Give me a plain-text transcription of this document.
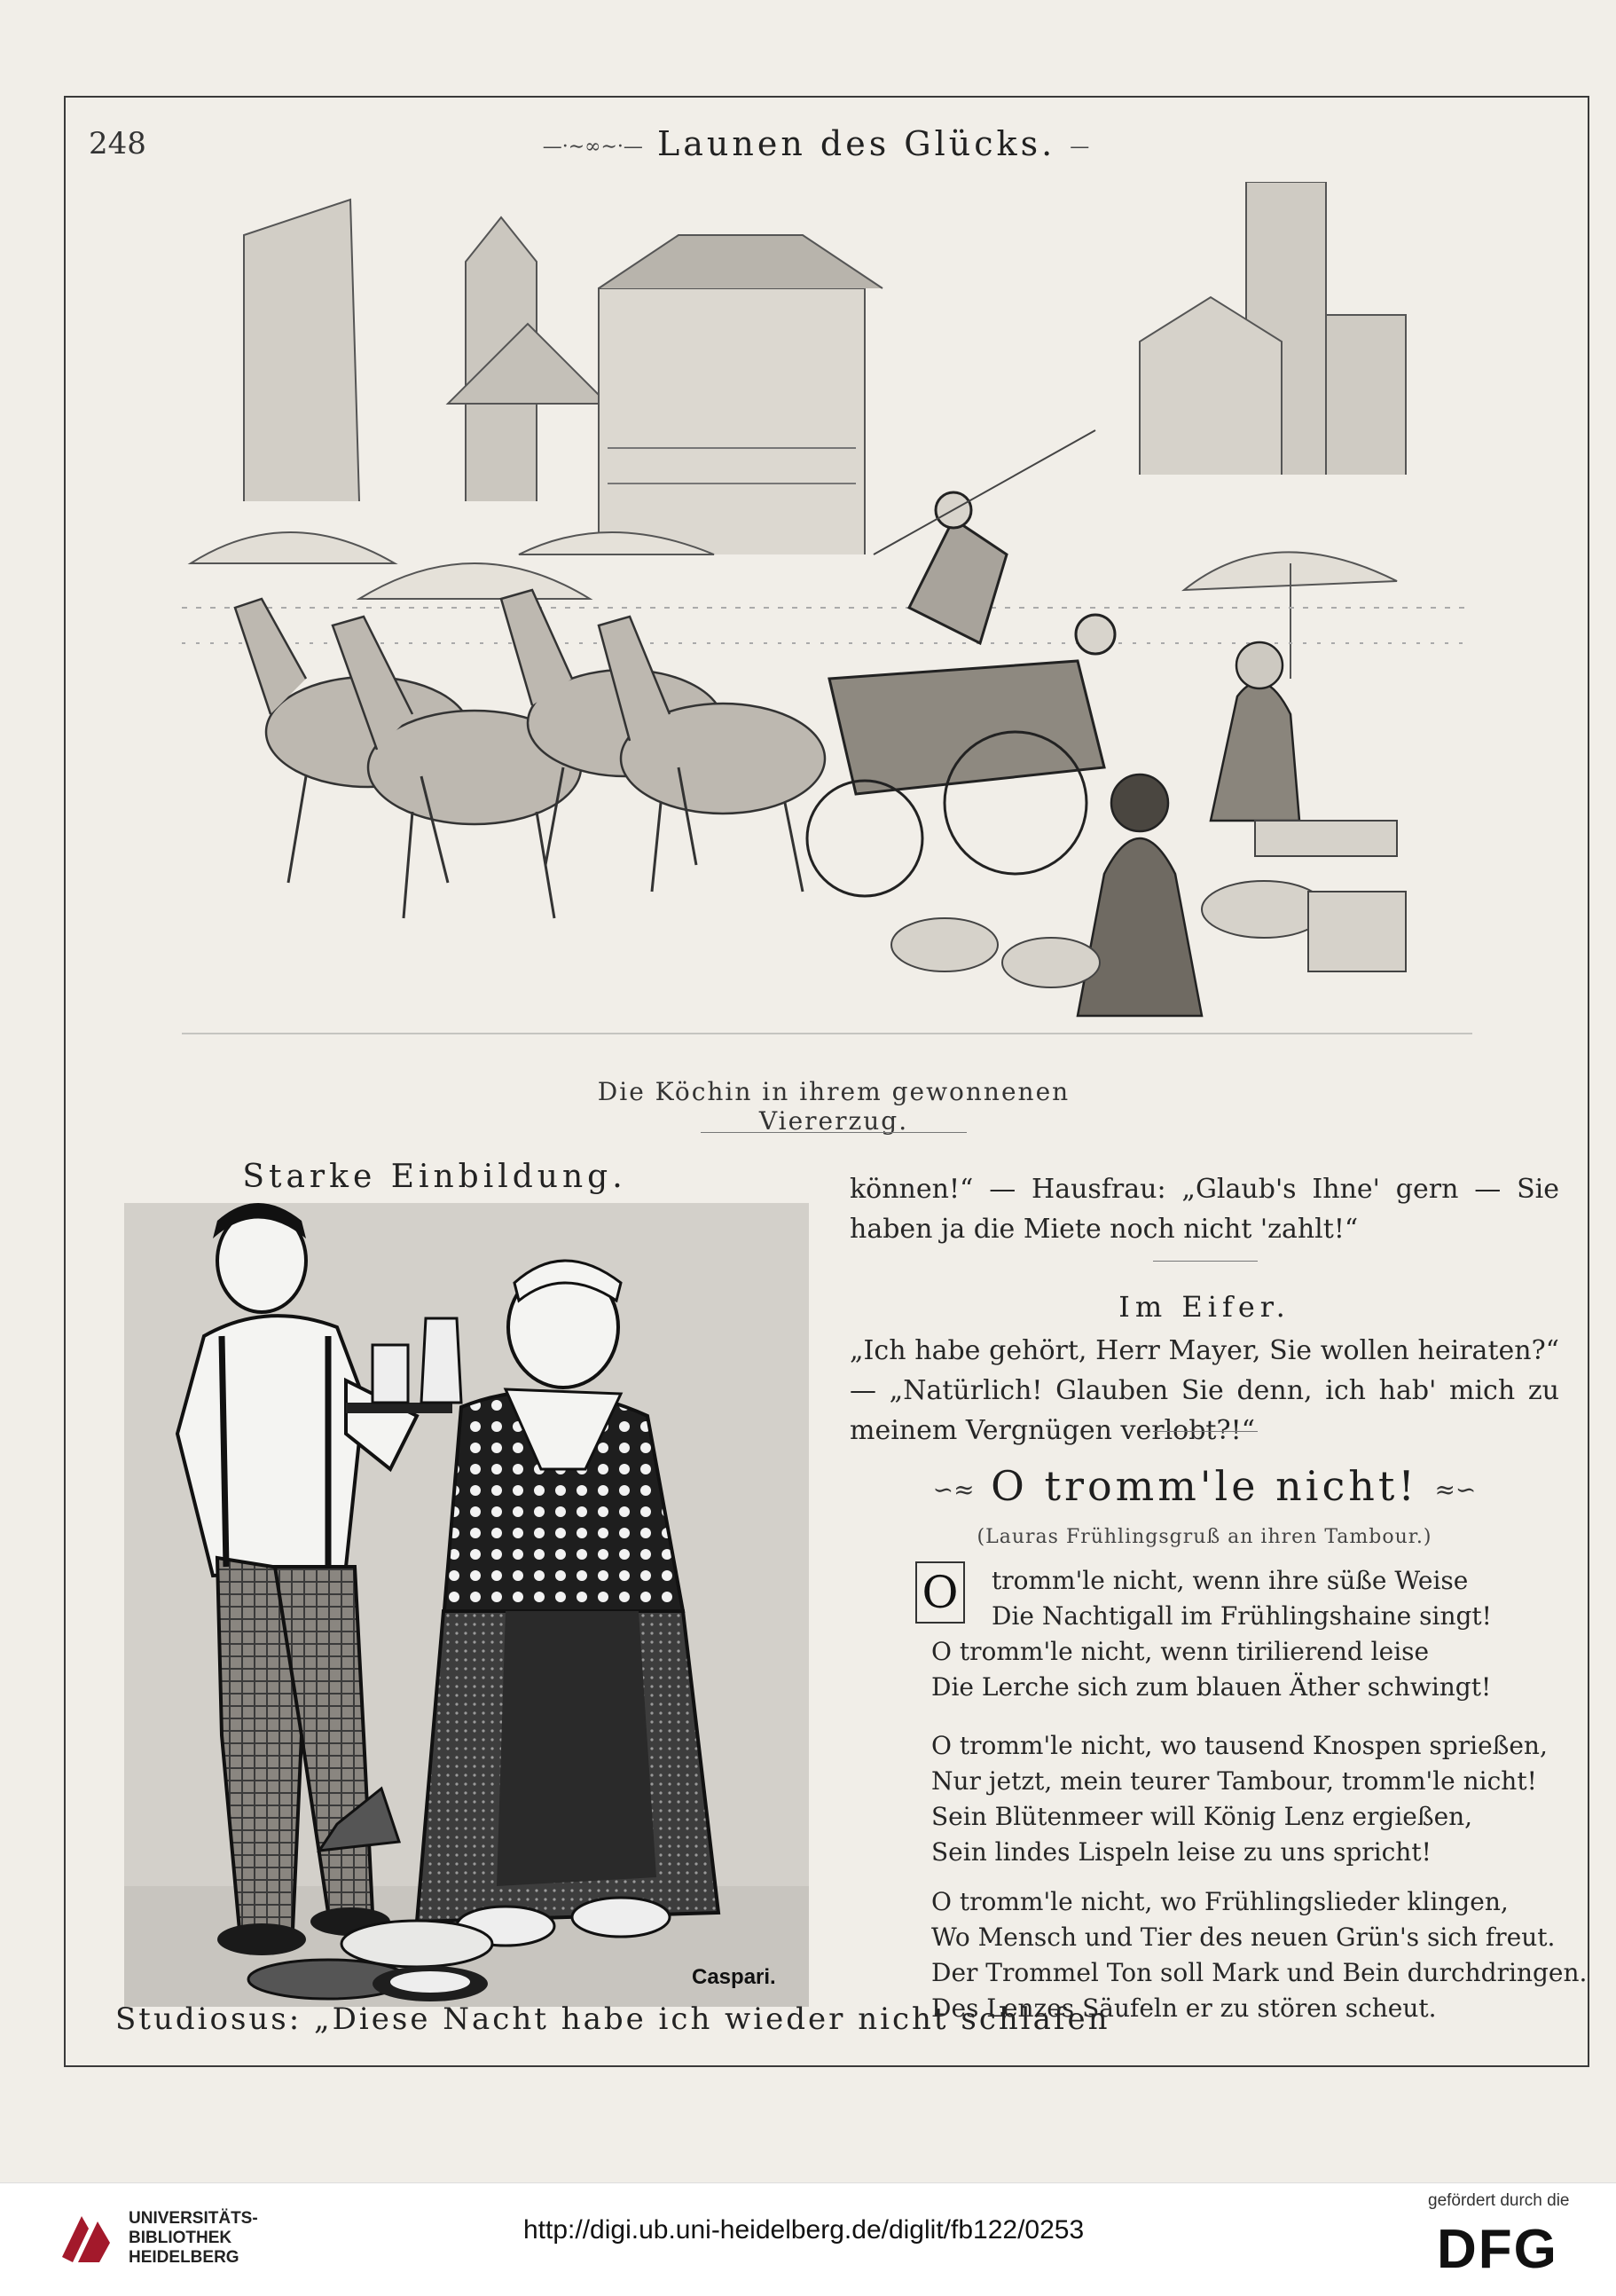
248	—·∼∞∼·— Launen des Glücks. —
Die Köchin in ihrem gewonnenen Viererzug.
Starke Einbildung.
Caspari.
Studiosus: „Diese Nacht habe ich wieder nicht schlafen
können!“ — Hausfrau: „Glaub's Ihne' gern — Sie haben ja die Miete noch nicht 'zahlt!“
Im Eifer.
„Ich habe gehört, Herr Mayer, Sie wollen heiraten?“ — „Natürlich! Glauben Sie denn, ich hab' mich zu meinem Vergnügen verlobt?!“
∽≈ O tromm'le nicht! ≈∽
(Lauras Frühlingsgruß an ihren Tambour.)
O	tromm'le nicht, wenn ihre süße Weise
Die Nachtigall im Frühlingshaine singt!
O tromm'le nicht, wenn tirilierend leise
Die Lerche sich zum blauen Äther schwingt!
O tromm'le nicht, wo tausend Knospen sprießen,
Nur jetzt, mein teurer Tambour, tromm'le nicht!
Sein Blütenmeer will König Lenz ergießen,
Sein lindes Lispeln leise zu uns spricht!
O tromm'le nicht, wo Frühlingslieder klingen,
Wo Mensch und Tier des neuen Grün's sich freut.
Der Trommel Ton soll Mark und Bein durchdringen.
Des Lenzes Säufeln er zu stören scheut.
UNIVERSITÄTS-
BIBLIOTHEK
HEIDELBERG
http://digi.ub.uni-heidelberg.de/diglit/fb122/0253
gefördert durch die
DFG
